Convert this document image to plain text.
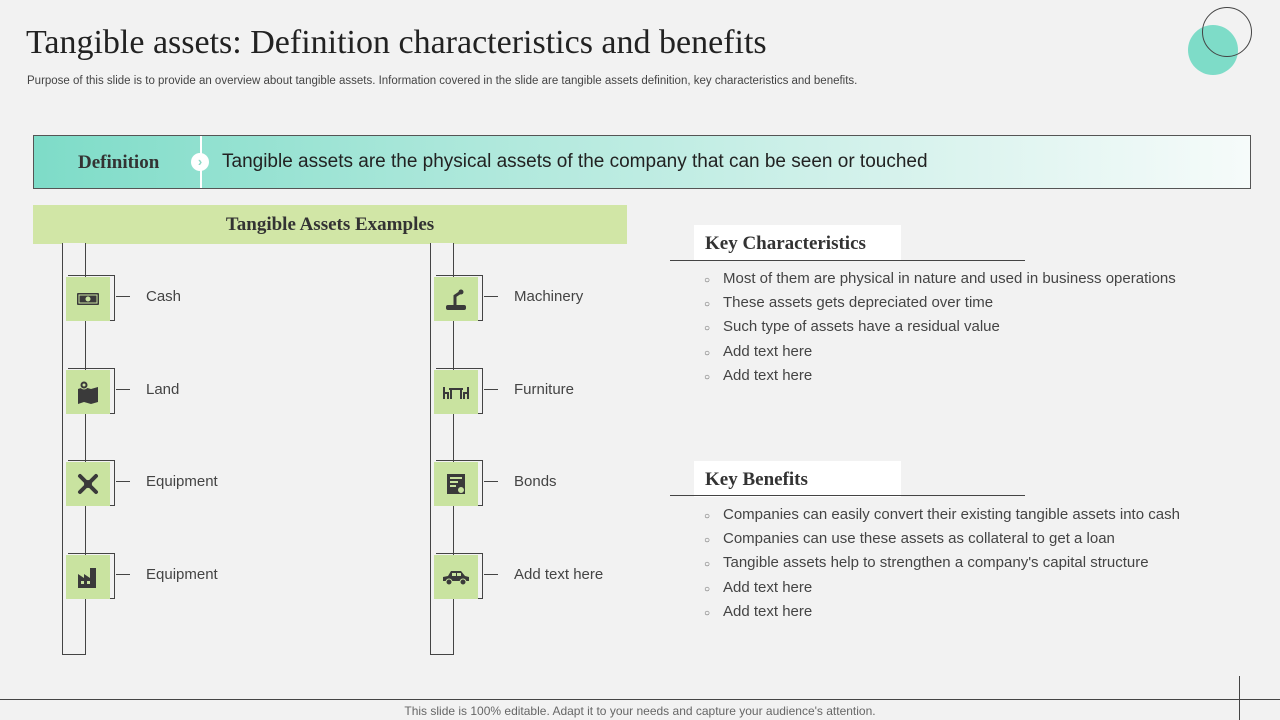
Tangible assets: Definition characteristics and benefits
Purpose of this slide is to provide an overview about tangible assets. Information covered in the slide are tangible assets definition, key characteristics and benefits.
Definition	›	Tangible assets are the physical assets of the company that can be seen or touched
Tangible Assets Examples
Cash
Land
Equipment
Equipment
Machinery
Furniture
Bonds
Add text here
Key Characteristics
○ Most of them are physical in nature and used in business operations
○ These assets gets depreciated over time
○ Such type of assets have a residual value
○ Add text here
○ Add text here
Key Benefits
○ Companies can easily convert their existing tangible assets into cash
○ Companies can use these assets as collateral to get a loan
○ Tangible assets help to strengthen a company's capital structure
○ Add text here
○ Add text here
This slide is 100% editable. Adapt it to your needs and capture your audience's attention.
